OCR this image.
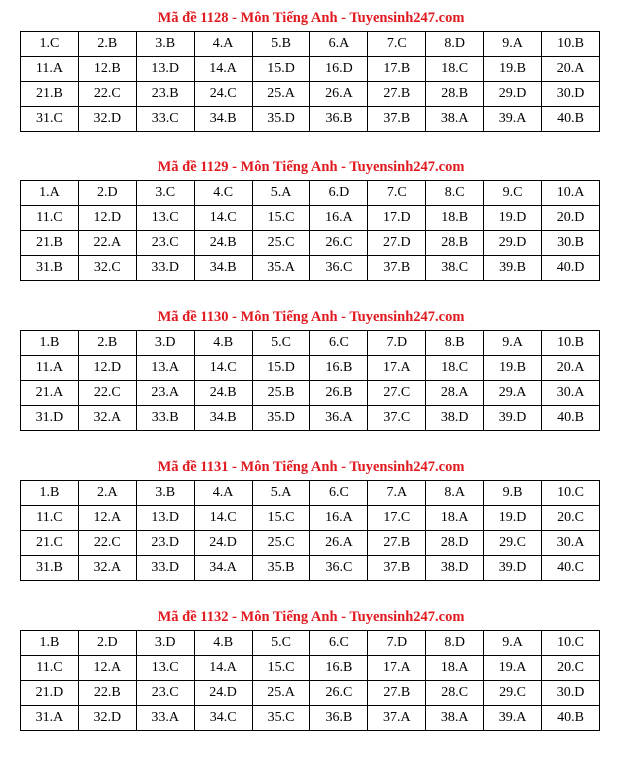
Mã đề 1128 - Môn Tiếng Anh - Tuyensinh247.com
1.C	2.B	3.B	4.A	5.B	6.A	7.C	8.D	9.A	10.B
11.A	12.B	13.D	14.A	15.D	16.D	17.B	18.C	19.B	20.A
21.B	22.C	23.B	24.C	25.A	26.A	27.B	28.B	29.D	30.D
31.C	32.D	33.C	34.B	35.D	36.B	37.B	38.A	39.A	40.B
Mã đề 1129 - Môn Tiếng Anh - Tuyensinh247.com
1.A	2.D	3.C	4.C	5.A	6.D	7.C	8.C	9.C	10.A
11.C	12.D	13.C	14.C	15.C	16.A	17.D	18.B	19.D	20.D
21.B	22.A	23.C	24.B	25.C	26.C	27.D	28.B	29.D	30.B
31.B	32.C	33.D	34.B	35.A	36.C	37.B	38.C	39.B	40.D
Mã đề 1130 - Môn Tiếng Anh - Tuyensinh247.com
1.B	2.B	3.D	4.B	5.C	6.C	7.D	8.B	9.A	10.B
11.A	12.D	13.A	14.C	15.D	16.B	17.A	18.C	19.B	20.A
21.A	22.C	23.A	24.B	25.B	26.B	27.C	28.A	29.A	30.A
31.D	32.A	33.B	34.B	35.D	36.A	37.C	38.D	39.D	40.B
Mã đề 1131 - Môn Tiếng Anh - Tuyensinh247.com
1.B	2.A	3.B	4.A	5.A	6.C	7.A	8.A	9.B	10.C
11.C	12.A	13.D	14.C	15.C	16.A	17.C	18.A	19.D	20.C
21.C	22.C	23.D	24.D	25.C	26.A	27.B	28.D	29.C	30.A
31.B	32.A	33.D	34.A	35.B	36.C	37.B	38.D	39.D	40.C
Mã đề 1132 - Môn Tiếng Anh - Tuyensinh247.com
1.B	2.D	3.D	4.B	5.C	6.C	7.D	8.D	9.A	10.C
11.C	12.A	13.C	14.A	15.C	16.B	17.A	18.A	19.A	20.C
21.D	22.B	23.C	24.D	25.A	26.C	27.B	28.C	29.C	30.D
31.A	32.D	33.A	34.C	35.C	36.B	37.A	38.A	39.A	40.B
